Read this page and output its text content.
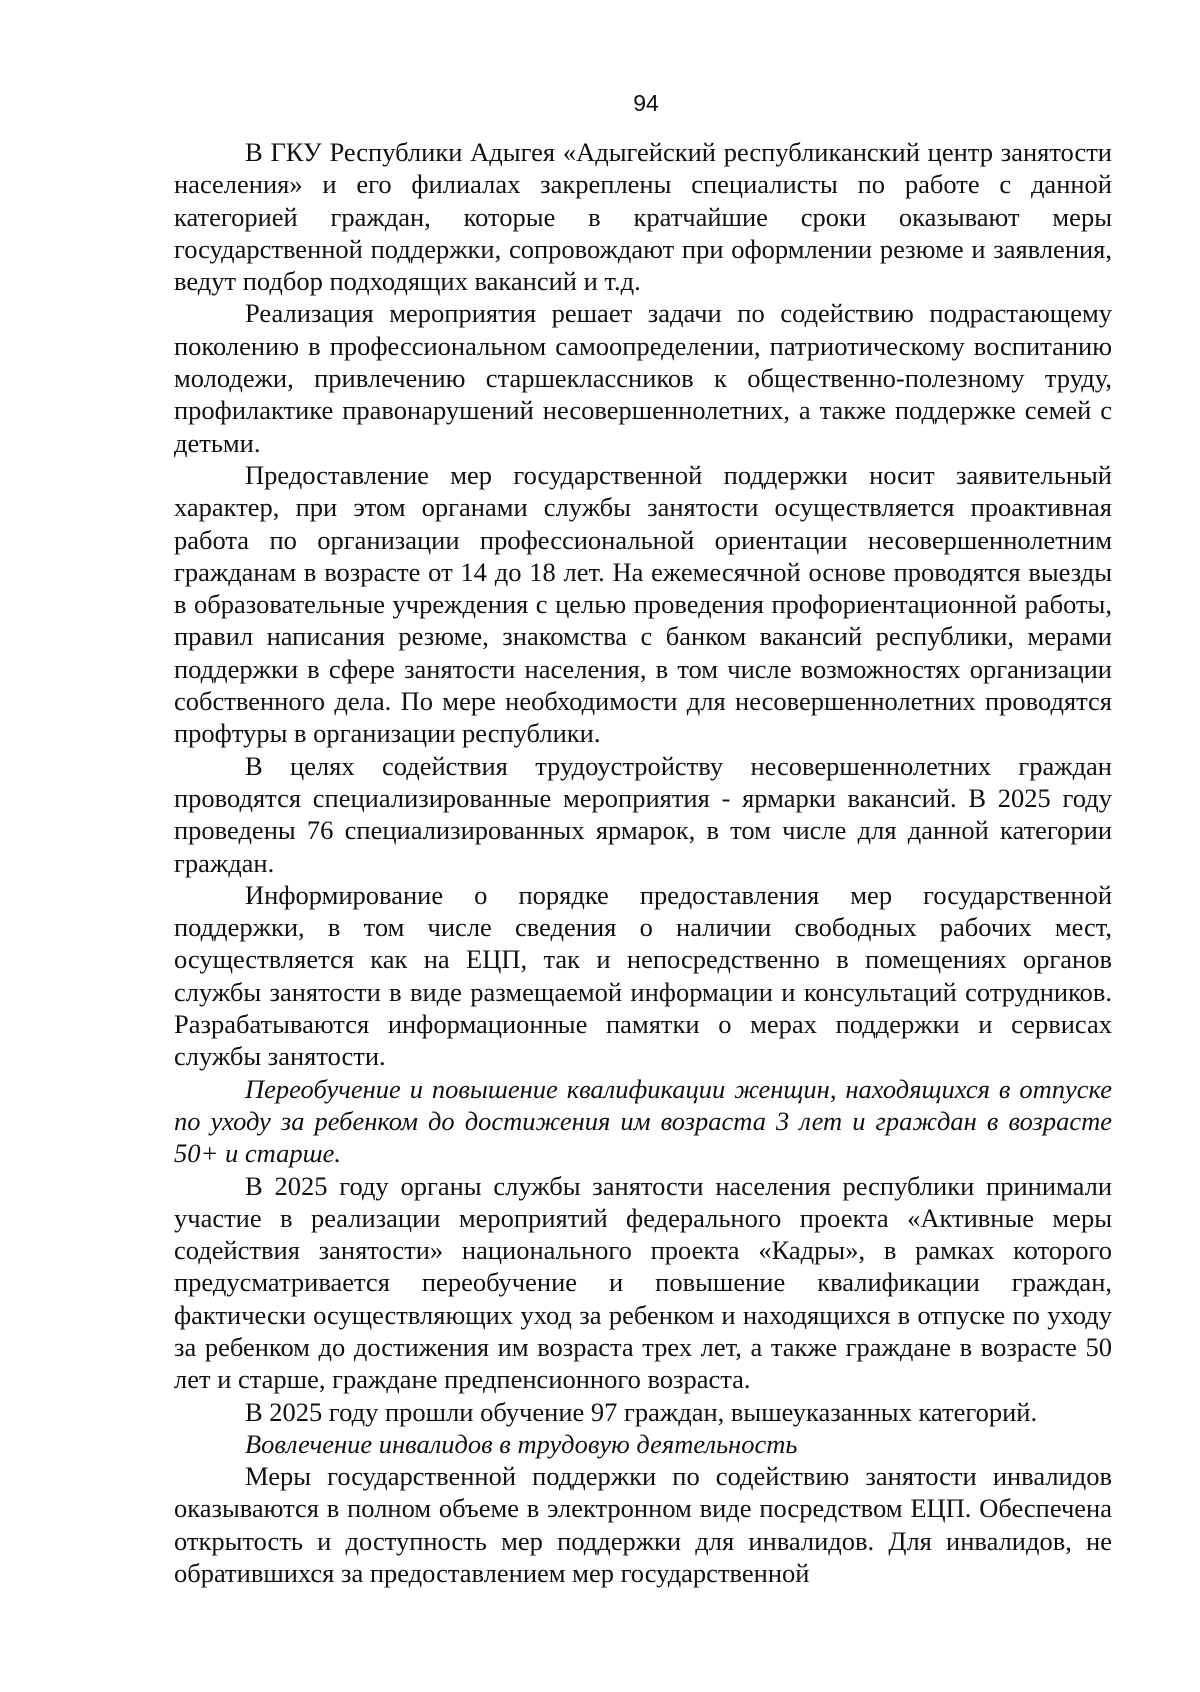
94

В ГКУ Республики Адыгея «Адыгейский республиканский центр занятости населения» и его филиалах закреплены специалисты по работе с данной категорией граждан, которые в кратчайшие сроки оказывают меры государственной поддержки, сопровождают при оформлении резюме и заявления, ведут подбор подходящих вакансий и т.д.

Реализация мероприятия решает задачи по содействию подрастающему поколению в профессиональном самоопределении, патриотическому воспитанию молодежи, привлечению старшеклассников к общественно-полезному труду, профилактике правонарушений несовершеннолетних, а также поддержке семей с детьми.

Предоставление мер государственной поддержки носит заявительный характер, при этом органами службы занятости осуществляется проактивная работа по организации профессиональной ориентации несовершеннолетним гражданам в возрасте от 14 до 18 лет. На ежемесячной основе проводятся выезды в образовательные учреждения с целью проведения профориентационной работы, правил написания резюме, знакомства с банком вакансий республики, мерами поддержки в сфере занятости населения, в том числе возможностях организации собственного дела. По мере необходимости для несовершеннолетних проводятся профтуры в организации республики.

В целях содействия трудоустройству несовершеннолетних граждан проводятся специализированные мероприятия - ярмарки вакансий. В 2025 году проведены 76 специализированных ярмарок, в том числе для данной категории граждан.

Информирование о порядке предоставления мер государственной поддержки, в том числе сведения о наличии свободных рабочих мест, осуществляется как на ЕЦП, так и непосредственно в помещениях органов службы занятости в виде размещаемой информации и консультаций сотрудников. Разрабатываются информационные памятки о мерах поддержки и сервисах службы занятости.

Переобучение и повышение квалификации женщин, находящихся в отпуске по уходу за ребенком до достижения им возраста 3 лет и граждан в возрасте 50+ и старше.

В 2025 году органы службы занятости населения республики принимали участие в реализации мероприятий федерального проекта «Активные меры содействия занятости» национального проекта «Кадры», в рамках которого предусматривается переобучение и повышение квалификации граждан, фактически осуществляющих уход за ребенком и находящихся в отпуске по уходу за ребенком до достижения им возраста трех лет, а также граждане в возрасте 50 лет и старше, граждане предпенсионного возраста.

В 2025 году прошли обучение 97 граждан, вышеуказанных категорий.

Вовлечение инвалидов в трудовую деятельность

Меры государственной поддержки по содействию занятости инвалидов оказываются в полном объеме в электронном виде посредством ЕЦП. Обеспечена открытость и доступность мер поддержки для инвалидов. Для инвалидов, не обратившихся за предоставлением мер государственной
